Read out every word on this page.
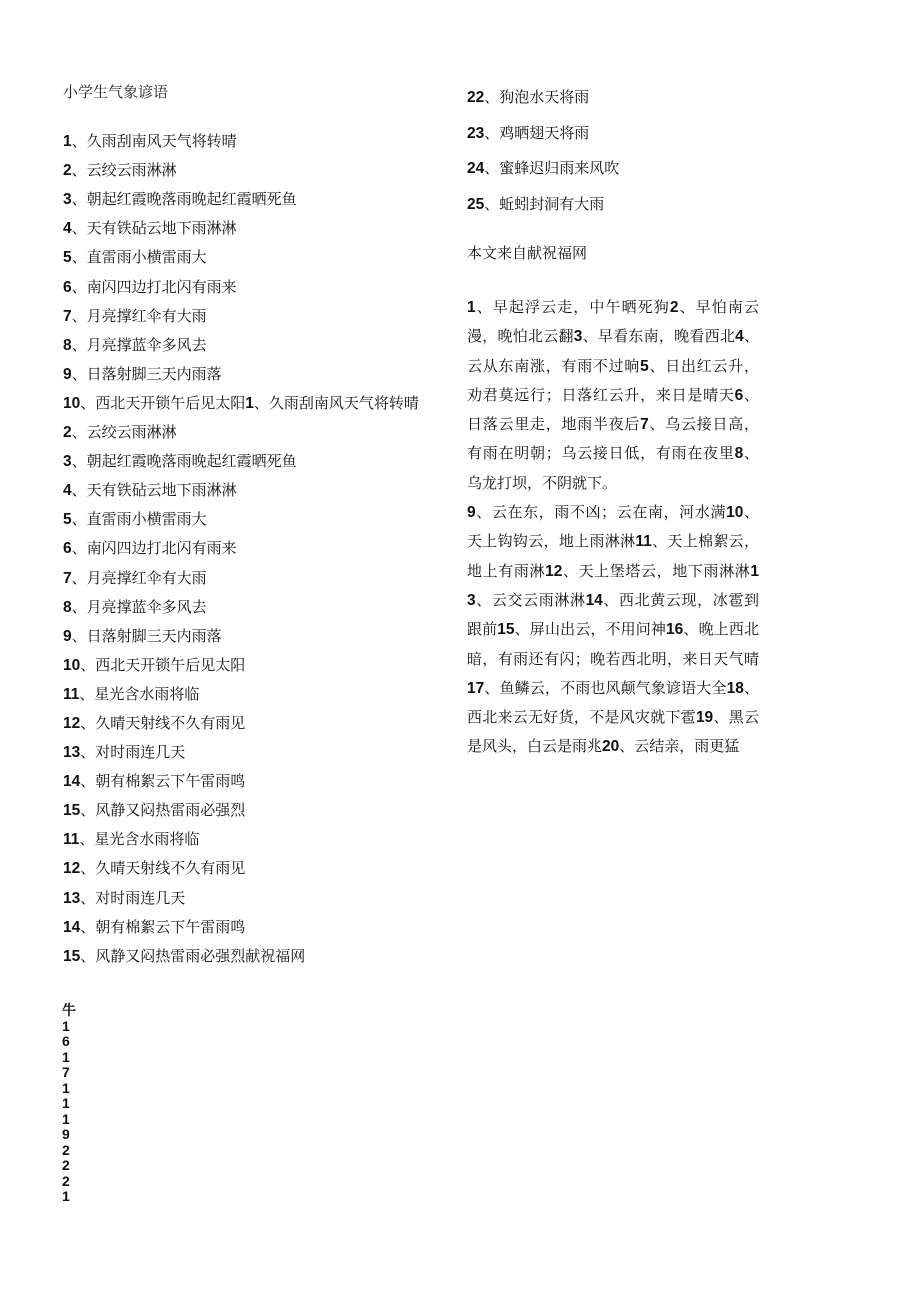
小学生气象谚语
1、久雨刮南风天气将转晴
2、云绞云雨淋淋
3、朝起红霞晚落雨晚起红霞晒死鱼
4、天有铁砧云地下雨淋淋
5、直雷雨小横雷雨大
6、南闪四边打北闪有雨来
7、月亮撑红伞有大雨
8、月亮撑蓝伞多风去
9、日落射脚三天内雨落
10、西北天开锁午后见太阳1、久雨刮南风天气将转晴
2、云绞云雨淋淋
3、朝起红霞晚落雨晚起红霞晒死鱼
4、天有铁砧云地下雨淋淋
5、直雷雨小横雷雨大
6、南闪四边打北闪有雨来
7、月亮撑红伞有大雨
8、月亮撑蓝伞多风去
9、日落射脚三天内雨落
10、西北天开锁午后见太阳
11、星光含水雨将临
12、久晴天射线不久有雨见
13、对时雨连几天
14、朝有棉絮云下午雷雨鸣
15、风静又闷热雷雨必强烈
11、星光含水雨将临
12、久晴天射线不久有雨见
13、对时雨连几天
14、朝有棉絮云下午雷雨鸣
15、风静又闷热雷雨必强烈献祝福网
牛
1
6
1
7
1
1
1
9
2
2
2
1
22、狗泡水天将雨
23、鸡晒翅天将雨
24、蜜蜂迟归雨来风吹
25、蚯蚓封洞有大雨
本文来自献祝福网
1、早起浮云走，中午晒死狗2、早怕南云漫，晚怕北云翻3、早看东南，晚看西北4、云从东南涨，有雨不过晌5、日出红云升，劝君莫远行；日落红云升，来日是晴天6、日落云里走，地雨半夜后7、乌云接日高，有雨在明朝；乌云接日低，有雨在夜里8、乌龙打坝，不阴就下。
9、云在东，雨不凶；云在南，河水满10、天上钩钩云，地上雨淋淋11、天上棉絮云，地上有雨淋12、天上堡塔云，地下雨淋淋13、云交云雨淋淋14、西北黄云现，冰雹到跟前15、屏山出云，不用问神16、晚上西北暗，有雨还有闪；晚若西北明，来日天气晴17、鱼鳞云，不雨也风颠气象谚语大全18、西北来云无好货，不是风灾就下雹19、黑云是风头，白云是雨兆20、云结亲，雨更猛
